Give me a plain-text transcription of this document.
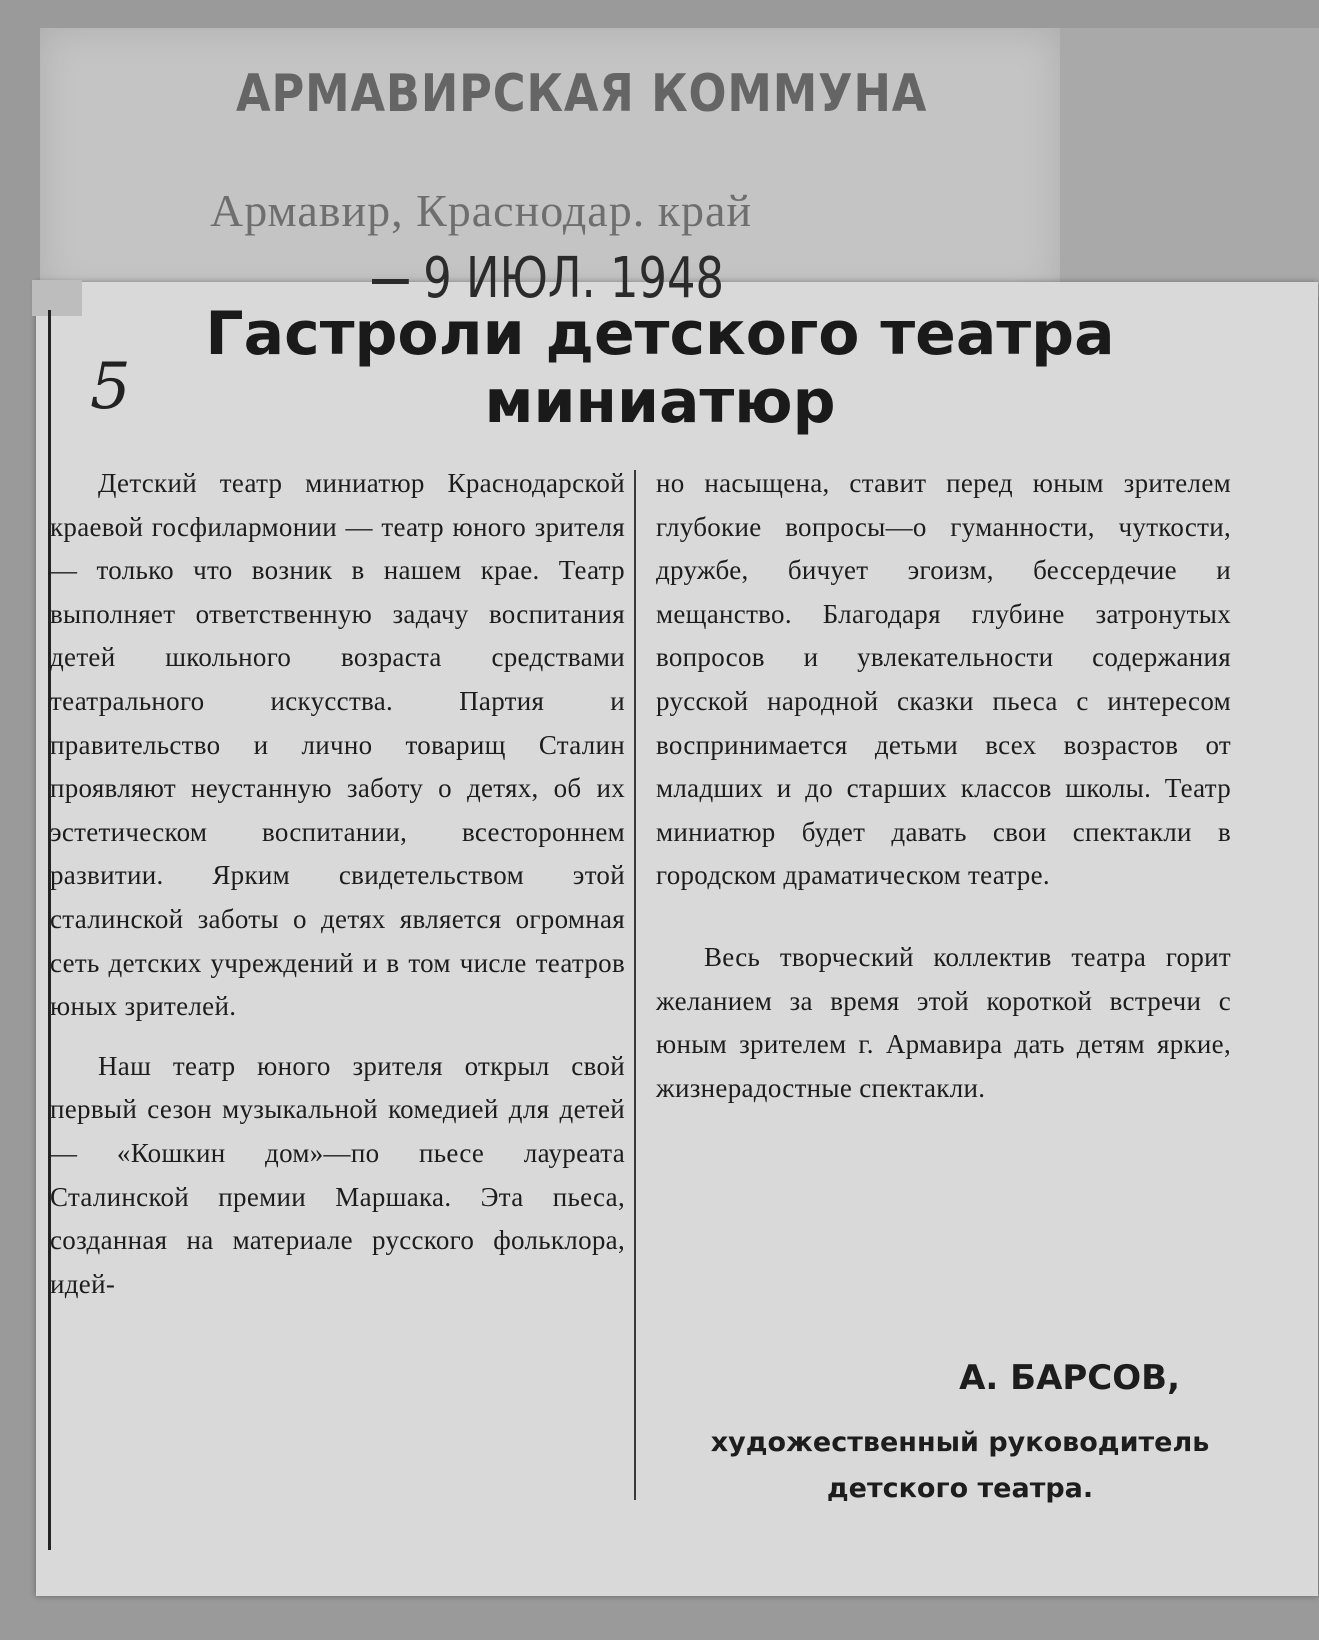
АРМАВИРСКАЯ КОММУНА
Армавир, Краснодар. край
9 ИЮЛ. 1948
5
Гастроли детского театра миниатюр

Детский театр миниатюр Краснодарской краевой госфилармонии — театр юного зрителя— только что возник в нашем крае. Театр выполняет ответственную задачу воспитания детей школьного возраста средствами театрального искусства. Партия и правительство и лично товарищ Сталин проявляют неустанную заботу о детях, об их эстетическом воспитании, всестороннем развитии. Ярким свидетельством этой сталинской заботы о детях является огромная сеть детских учреждений и в том числе театров юных зрителей.

Наш театр юного зрителя открыл свой первый сезон музыкальной комедией для детей — «Кошкин дом»—по пьесе лауреата Сталинской премии Маршака. Эта пьеса, созданная на материале русского фольклора, идей-

но насыщена, ставит перед юным зрителем глубокие вопросы—о гуманности, чуткости, дружбе, бичует эгоизм, бессердечие и мещанство. Благодаря глубине затронутых вопросов и увлекательности содержания русской народной сказки пьеса с интересом воспринимается детьми всех возрастов от младших и до старших классов школы. Театр миниатюр будет давать свои спектакли в городском драматическом театре.

Весь творческий коллектив театра горит желанием за время этой короткой встречи с юным зрителем г. Армавира дать детям яркие, жизнерадостные спектакли.

А. БАРСОВ,
художественный руководитель детского театра.
